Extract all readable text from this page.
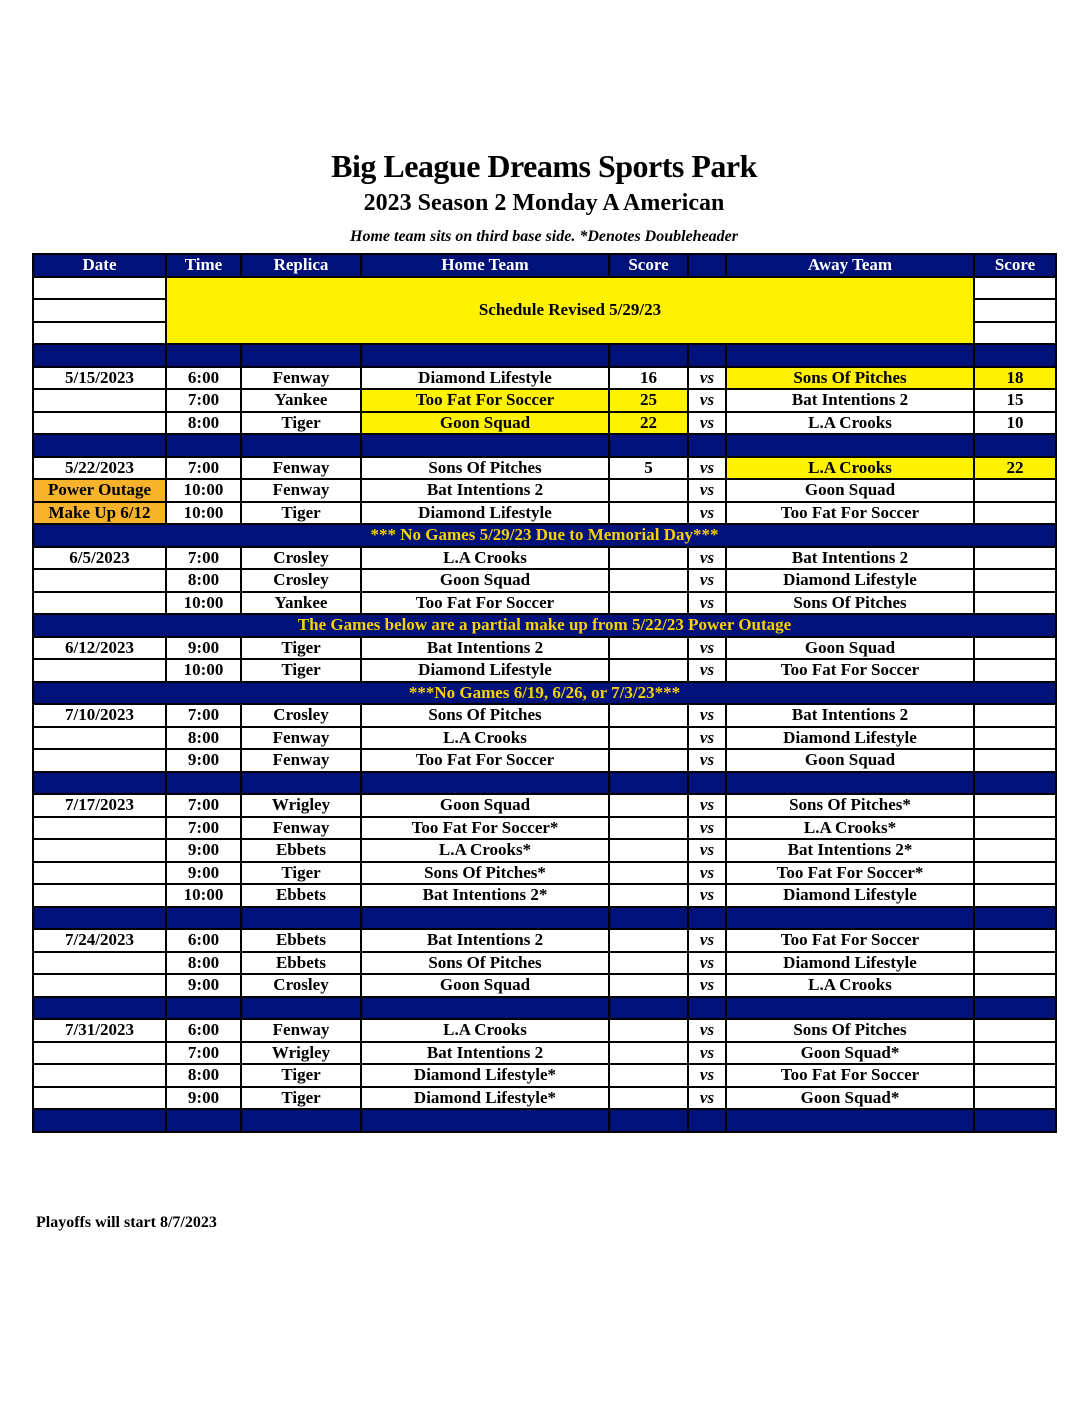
Big League Dreams Sports Park
2023 Season 2 Monday A American
Home team sits on third base side. *Denotes Doubleheader
Date	Time	Replica	Home Team	Score		Away Team	Score
	Schedule Revised 5/29/23						

5/15/2023	6:00	Fenway	Diamond Lifestyle	16	vs	Sons Of Pitches	18
	7:00	Yankee	Too Fat For Soccer	25	vs	Bat Intentions 2	15
	8:00	Tiger	Goon Squad	22	vs	L.A Crooks	10

5/22/2023	7:00	Fenway	Sons Of Pitches	5	vs	L.A Crooks	22
Power Outage	10:00	Fenway	Bat Intentions 2		vs	Goon Squad	
Make Up 6/12	10:00	Tiger	Diamond Lifestyle		vs	Too Fat For Soccer	
*** No Games 5/29/23 Due to Memorial Day***							
6/5/2023	7:00	Crosley	L.A Crooks		vs	Bat Intentions 2	
	8:00	Crosley	Goon Squad		vs	Diamond Lifestyle	
	10:00	Yankee	Too Fat For Soccer		vs	Sons Of Pitches	
The Games below are a partial make up from 5/22/23 Power Outage							
6/12/2023	9:00	Tiger	Bat Intentions 2		vs	Goon Squad	
	10:00	Tiger	Diamond Lifestyle		vs	Too Fat For Soccer	
***No Games 6/19, 6/26, or 7/3/23***							
7/10/2023	7:00	Crosley	Sons Of Pitches		vs	Bat Intentions 2	
	8:00	Fenway	L.A Crooks		vs	Diamond Lifestyle	
	9:00	Fenway	Too Fat For Soccer		vs	Goon Squad	

7/17/2023	7:00	Wrigley	Goon Squad		vs	Sons Of Pitches*	
	7:00	Fenway	Too Fat For Soccer*		vs	L.A Crooks*	
	9:00	Ebbets	L.A Crooks*		vs	Bat Intentions 2*	
	9:00	Tiger	Sons Of Pitches*		vs	Too Fat For Soccer*	
	10:00	Ebbets	Bat Intentions 2*		vs	Diamond Lifestyle	

7/24/2023	6:00	Ebbets	Bat Intentions 2		vs	Too Fat For Soccer	
	8:00	Ebbets	Sons Of Pitches		vs	Diamond Lifestyle	
	9:00	Crosley	Goon Squad		vs	L.A Crooks	

7/31/2023	6:00	Fenway	L.A Crooks		vs	Sons Of Pitches	
	7:00	Wrigley	Bat Intentions 2		vs	Goon Squad*	
	8:00	Tiger	Diamond Lifestyle*		vs	Too Fat For Soccer	
	9:00	Tiger	Diamond Lifestyle*		vs	Goon Squad*	

Playoffs will start 8/7/2023
